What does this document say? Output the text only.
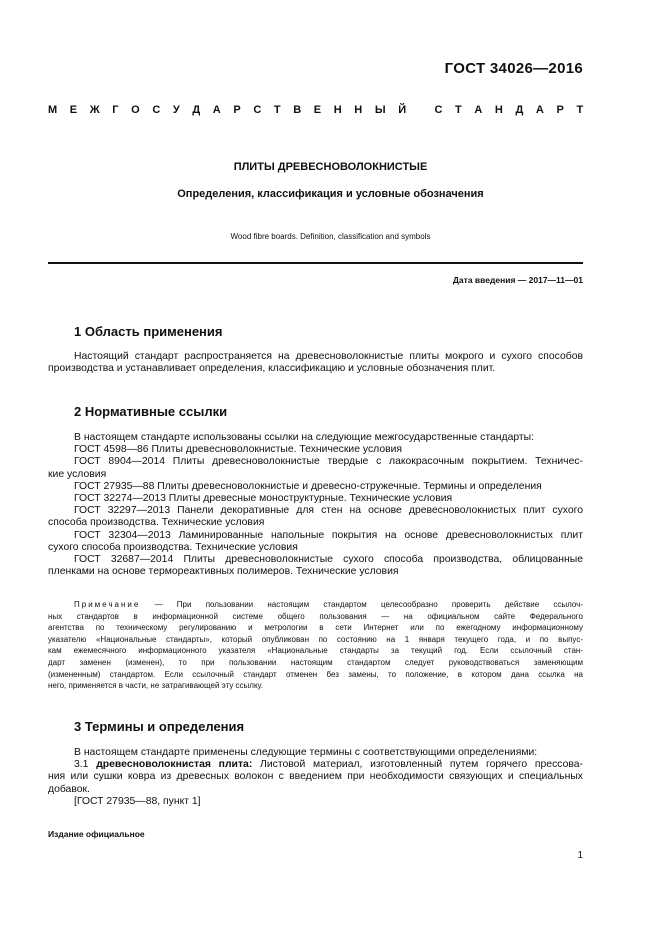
ГОСТ 34026—2016
М Е Ж Г О С У Д А Р С Т В Е Н Н Ы Й	С Т А Н Д А Р Т
ПЛИТЫ ДРЕВЕСНОВОЛОКНИСТЫЕ
Определения, классификация и условные обозначения
Wood fibre boards. Definition, classification and symbols
Дата введения — 2017—11—01
1 Область применения
Настоящий стандарт распространяется на древесноволокнистые плиты мокрого и сухого способов
производства и устанавливает определения, классификацию и условные обозначения плит.
2 Нормативные ссылки
В настоящем стандарте использованы ссылки на следующие межгосударственные стандарты:
ГОСТ 4598—86 Плиты древесноволокнистые. Технические условия
ГОСТ 8904—2014 Плиты древесноволокнистые твердые с лакокрасочным покрытием. Техничес-
кие условия
ГОСТ 27935—88 Плиты древесноволокнистые и древесно-стружечные. Термины и определения
ГОСТ 32274—2013 Плиты древесные моноструктурные. Технические условия
ГОСТ 32297—2013 Панели декоративные для стен на основе древесноволокнистых плит сухого
способа производства. Технические условия
ГОСТ 32304—2013 Ламинированные напольные покрытия на основе древесноволокнистых плит
сухого способа производства. Технические условия
ГОСТ 32687—2014 Плиты древесноволокнистые сухого способа производства, облицованные
пленками на основе термореактивных полимеров. Технические условия
Примечание — При пользовании настоящим стандартом целесообразно проверить действие ссылоч-
ных стандартов в информационной системе общего пользования — на официальном сайте Федерального
агентства по техническому регулированию и метрологии в сети Интернет или по ежегодному информационному
указателю «Национальные стандарты», который опубликован по состоянию на 1 января текущего года, и по выпус-
кам ежемесячного информационного указателя «Национальные стандарты за текущий год. Если ссылочный стан-
дарт заменен (изменен), то при пользовании настоящим стандартом следует руководствоваться заменяющим
(измененным) стандартом. Если ссылочный стандарт отменен без замены, то положение, в котором дана ссылка на
него, применяется в части, не затрагивающей эту ссылку.
3 Термины и определения
В настоящем стандарте применены следующие термины с соответствующими определениями:
3.1 древесноволокнистая плита: Листовой материал, изготовленный путем горячего прессова-
ния или сушки ковра из древесных волокон с введением при необходимости связующих и специальных
добавок.
[ГОСТ 27935—88, пункт 1]
Издание официальное
1
